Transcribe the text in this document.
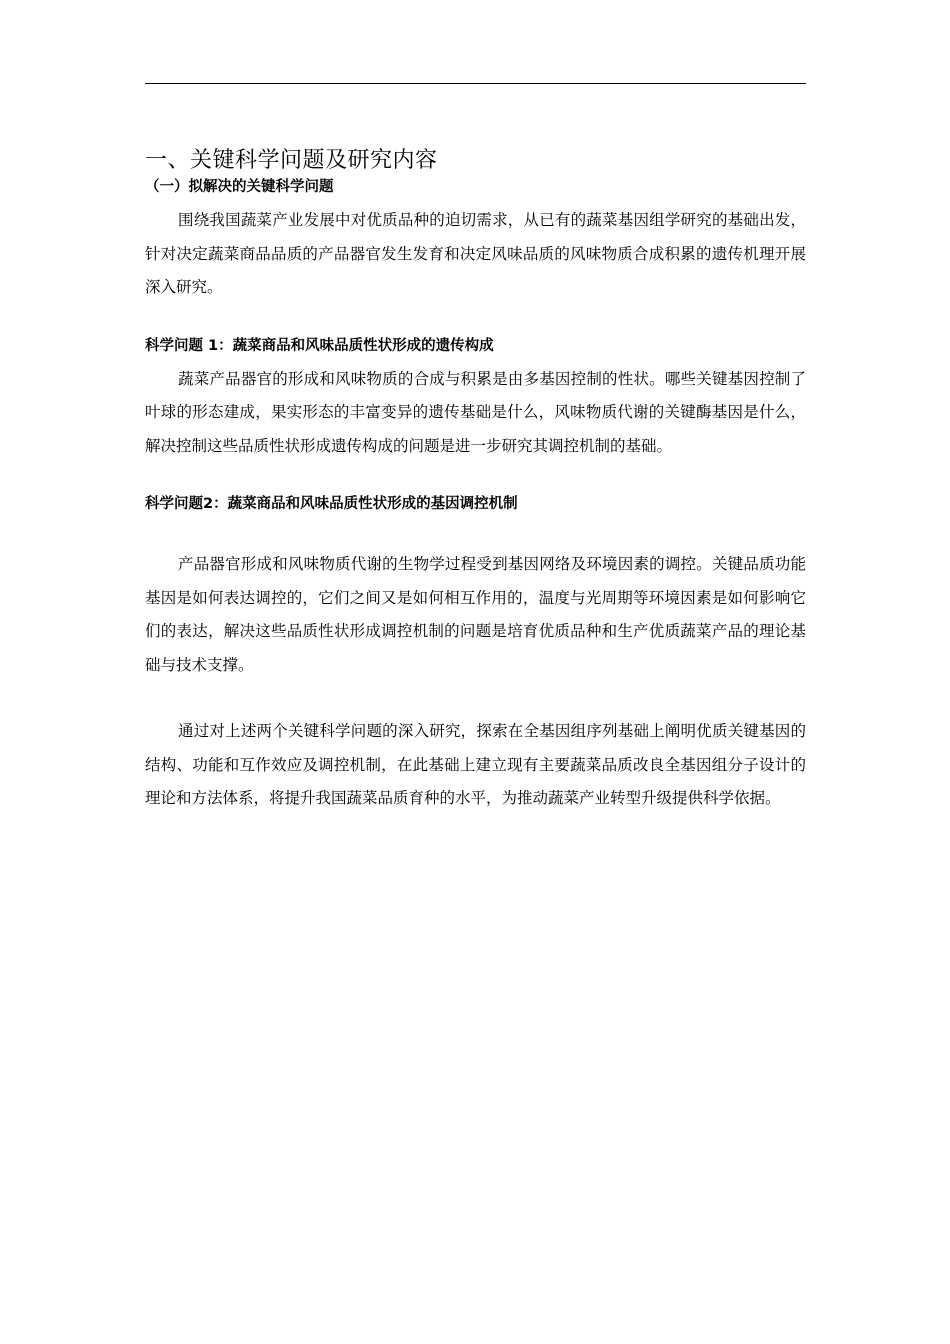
一、关键科学问题及研究内容
（一）拟解决的关键科学问题

围绕我国蔬菜产业发展中对优质品种的迫切需求，从已有的蔬菜基因组学研究的基础出发，针对决定蔬菜商品品质的产品器官发生发育和决定风味品质的风味物质合成积累的遗传机理开展深入研究。

科学问题 1：蔬菜商品和风味品质性状形成的遗传构成

蔬菜产品器官的形成和风味物质的合成与积累是由多基因控制的性状。哪些关键基因控制了叶球的形态建成，果实形态的丰富变异的遗传基础是什么，风味物质代谢的关键酶基因是什么，解决控制这些品质性状形成遗传构成的问题是进一步研究其调控机制的基础。

科学问题2：蔬菜商品和风味品质性状形成的基因调控机制

产品器官形成和风味物质代谢的生物学过程受到基因网络及环境因素的调控。关键品质功能基因是如何表达调控的，它们之间又是如何相互作用的，温度与光周期等环境因素是如何影响它们的表达，解决这些品质性状形成调控机制的问题是培育优质品种和生产优质蔬菜产品的理论基础与技术支撑。

通过对上述两个关键科学问题的深入研究，探索在全基因组序列基础上阐明优质关键基因的结构、功能和互作效应及调控机制，在此基础上建立现有主要蔬菜品质改良全基因组分子设计的理论和方法体系，将提升我国蔬菜品质育种的水平，为推动蔬菜产业转型升级提供科学依据。
